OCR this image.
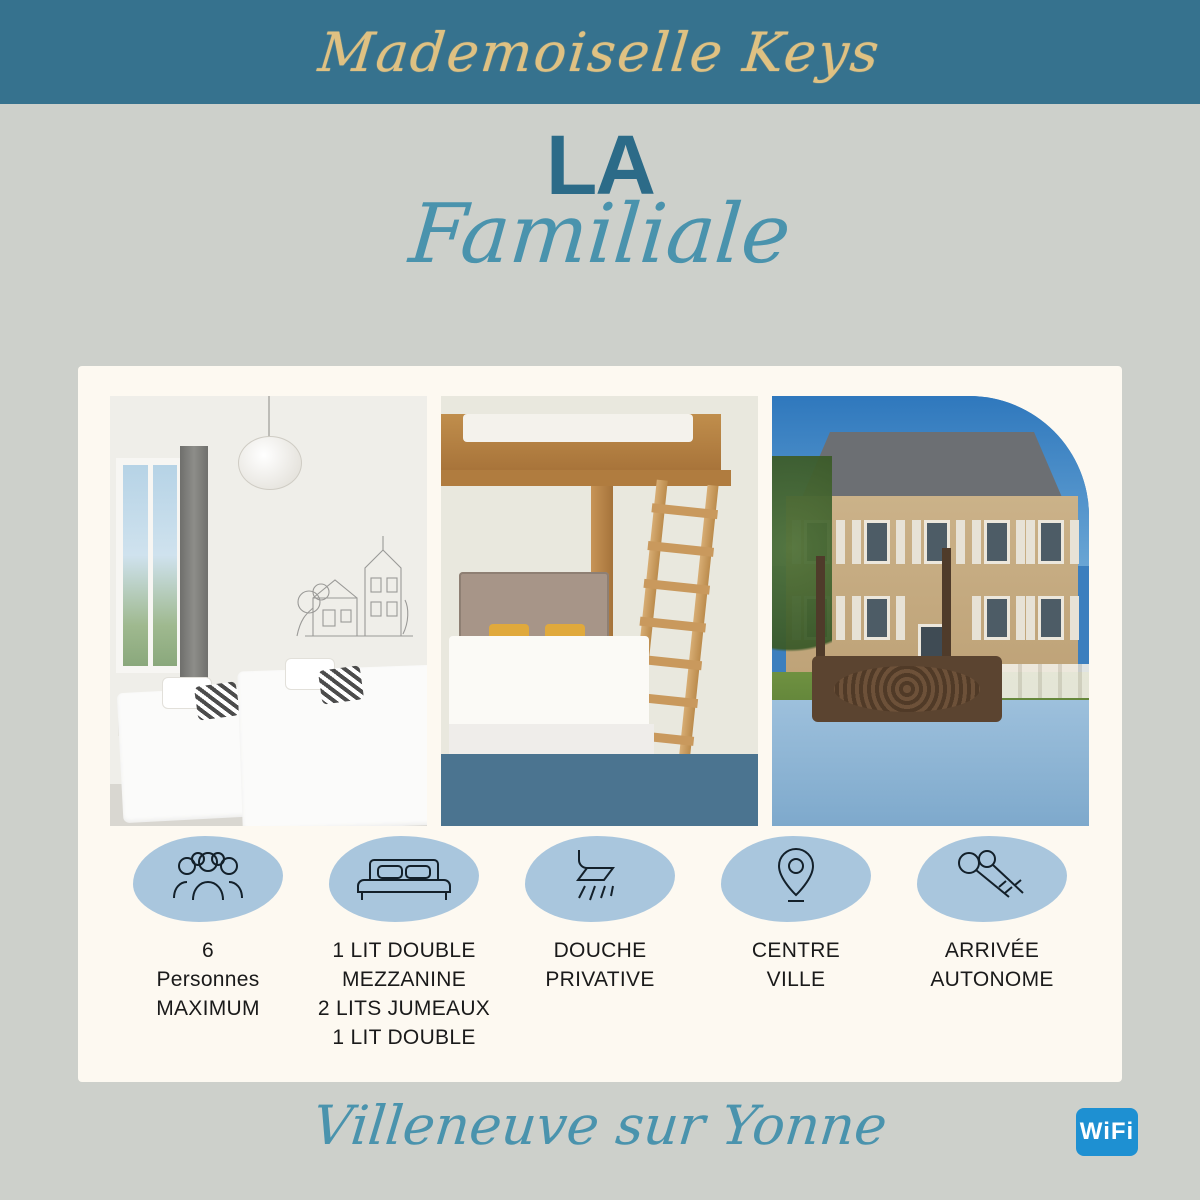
Mademoiselle Keys
LA
Familiale
6
Personnes
MAXIMUM
1 LIT DOUBLE
MEZZANINE
2 LITS JUMEAUX
1 LIT DOUBLE
DOUCHE
PRIVATIVE
CENTRE
VILLE
ARRIVÉE
AUTONOME
Villeneuve sur Yonne	Wi Fi
